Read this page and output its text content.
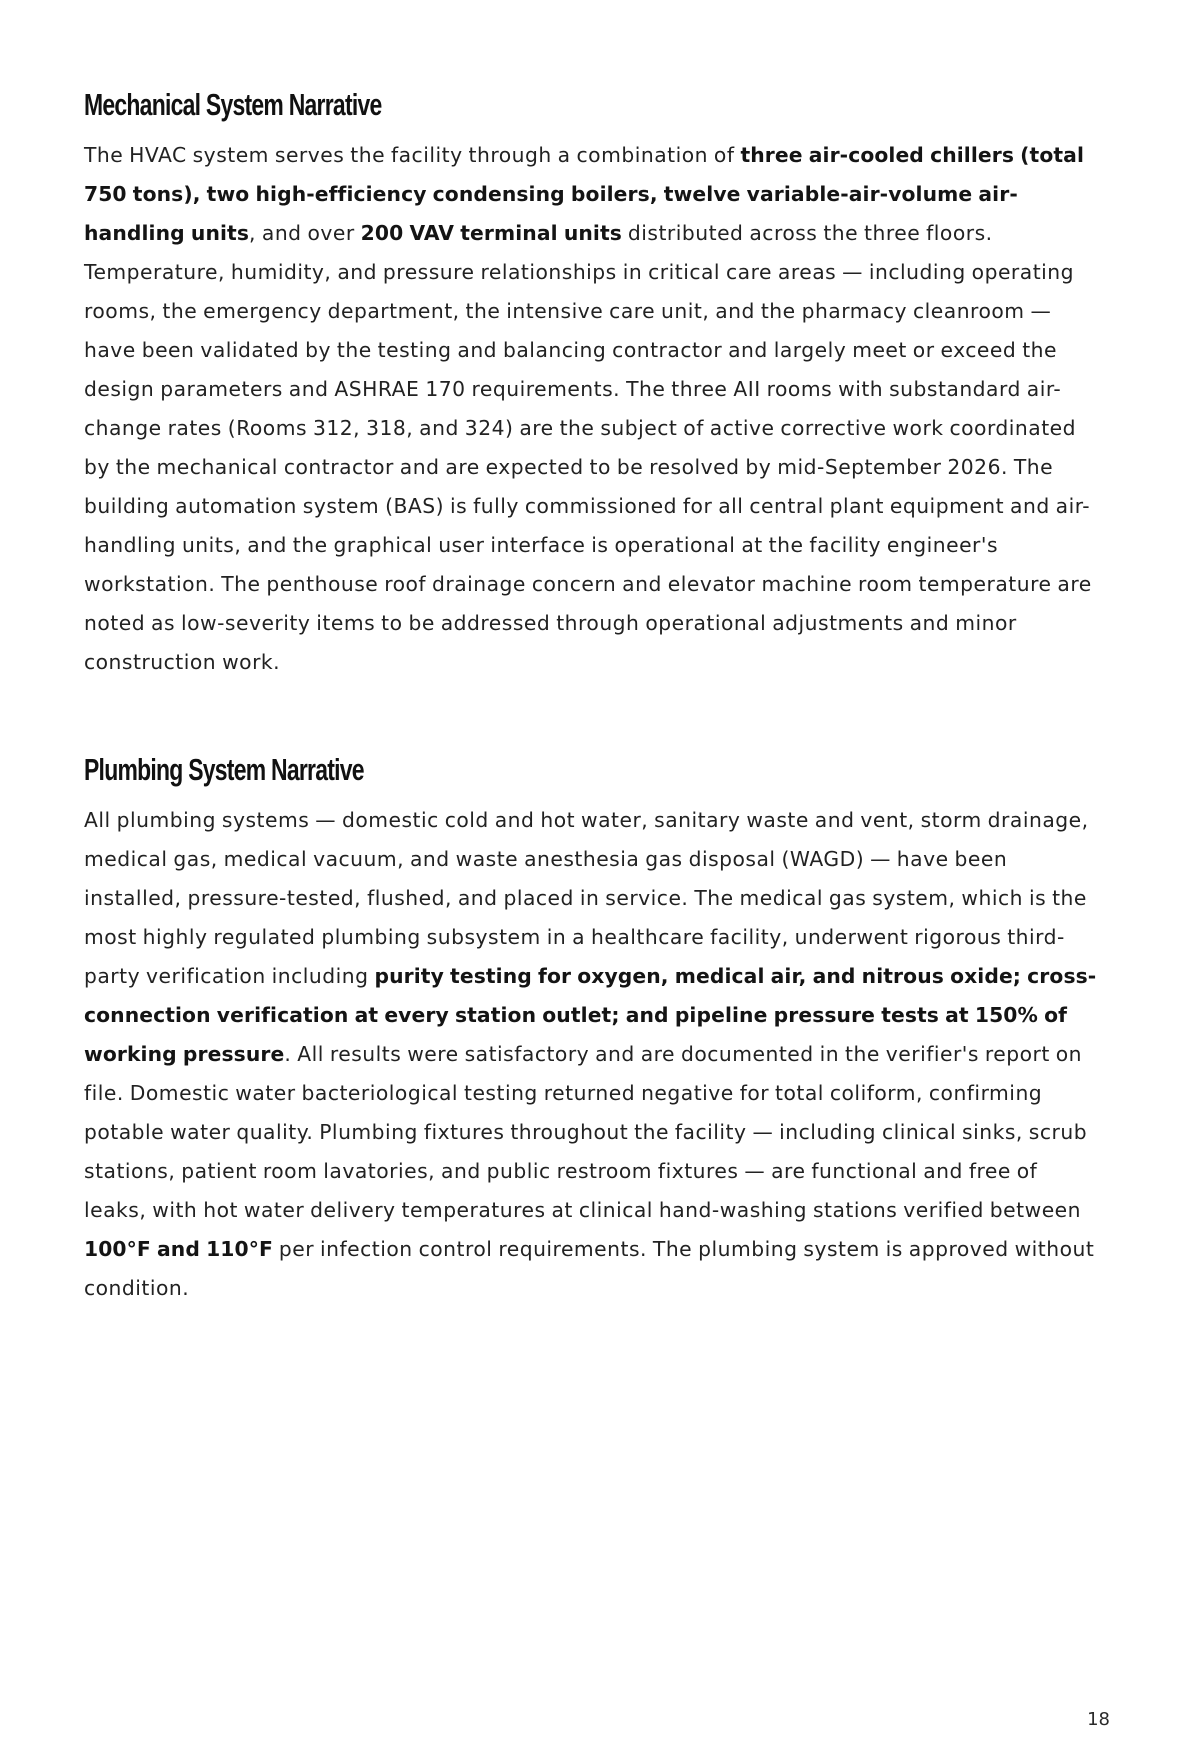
Mechanical System Narrative

The HVAC system serves the facility through a combination of three air-cooled chillers (total 750 tons), two high-efficiency condensing boilers, twelve variable-air-volume air-handling units, and over 200 VAV terminal units distributed across the three floors. Temperature, humidity, and pressure relationships in critical care areas — including operating rooms, the emergency department, the intensive care unit, and the pharmacy cleanroom — have been validated by the testing and balancing contractor and largely meet or exceed the design parameters and ASHRAE 170 requirements. The three AII rooms with substandard air-change rates (Rooms 312, 318, and 324) are the subject of active corrective work coordinated by the mechanical contractor and are expected to be resolved by mid-September 2026. The building automation system (BAS) is fully commissioned for all central plant equipment and air-handling units, and the graphical user interface is operational at the facility engineer's workstation. The penthouse roof drainage concern and elevator machine room temperature are noted as low-severity items to be addressed through operational adjustments and minor construction work.

Plumbing System Narrative

All plumbing systems — domestic cold and hot water, sanitary waste and vent, storm drainage, medical gas, medical vacuum, and waste anesthesia gas disposal (WAGD) — have been installed, pressure-tested, flushed, and placed in service. The medical gas system, which is the most highly regulated plumbing subsystem in a healthcare facility, underwent rigorous third-party verification including purity testing for oxygen, medical air, and nitrous oxide; cross-connection verification at every station outlet; and pipeline pressure tests at 150% of working pressure. All results were satisfactory and are documented in the verifier's report on file. Domestic water bacteriological testing returned negative for total coliform, confirming potable water quality. Plumbing fixtures throughout the facility — including clinical sinks, scrub stations, patient room lavatories, and public restroom fixtures — are functional and free of leaks, with hot water delivery temperatures at clinical hand-washing stations verified between 100°F and 110°F per infection control requirements. The plumbing system is approved without condition.

18
